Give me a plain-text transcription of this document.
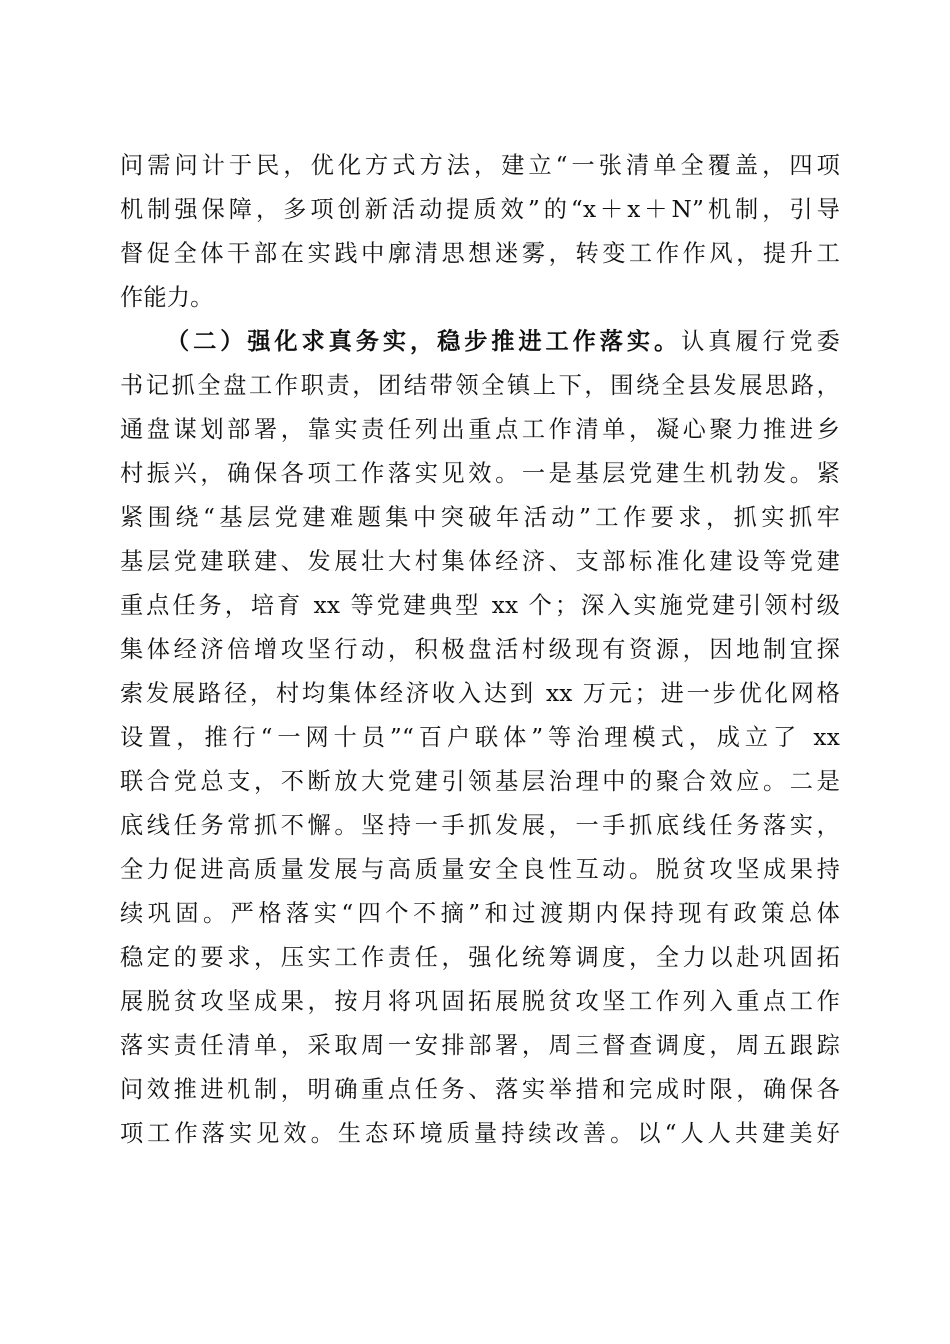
问需问计于民，优化方式方法，建立“一张清单全覆盖，四项
机制强保障，多项创新活动提质效”的“x＋x＋N”机制，引导
督促全体干部在实践中廓清思想迷雾，转变工作作风，提升工
作能力。
（二）强化求真务实，稳步推进工作落实。认真履行党委
书记抓全盘工作职责，团结带领全镇上下，围绕全县发展思路，
通盘谋划部署，靠实责任列出重点工作清单，凝心聚力推进乡
村振兴，确保各项工作落实见效。一是基层党建生机勃发。紧
紧围绕“基层党建难题集中突破年活动”工作要求，抓实抓牢
基层党建联建、发展壮大村集体经济、支部标准化建设等党建
重点任务，培育 xx 等党建典型 xx 个；深入实施党建引领村级
集体经济倍增攻坚行动，积极盘活村级现有资源，因地制宜探
索发展路径，村均集体经济收入达到 xx 万元；进一步优化网格
设置，推行“一网十员”“百户联体”等治理模式，成立了 xx
联合党总支，不断放大党建引领基层治理中的聚合效应。二是
底线任务常抓不懈。坚持一手抓发展，一手抓底线任务落实，
全力促进高质量发展与高质量安全良性互动。脱贫攻坚成果持
续巩固。严格落实“四个不摘”和过渡期内保持现有政策总体
稳定的要求，压实工作责任，强化统筹调度，全力以赴巩固拓
展脱贫攻坚成果，按月将巩固拓展脱贫攻坚工作列入重点工作
落实责任清单，采取周一安排部署，周三督查调度，周五跟踪
问效推进机制，明确重点任务、落实举措和完成时限，确保各
项工作落实见效。生态环境质量持续改善。以“人人共建美好
